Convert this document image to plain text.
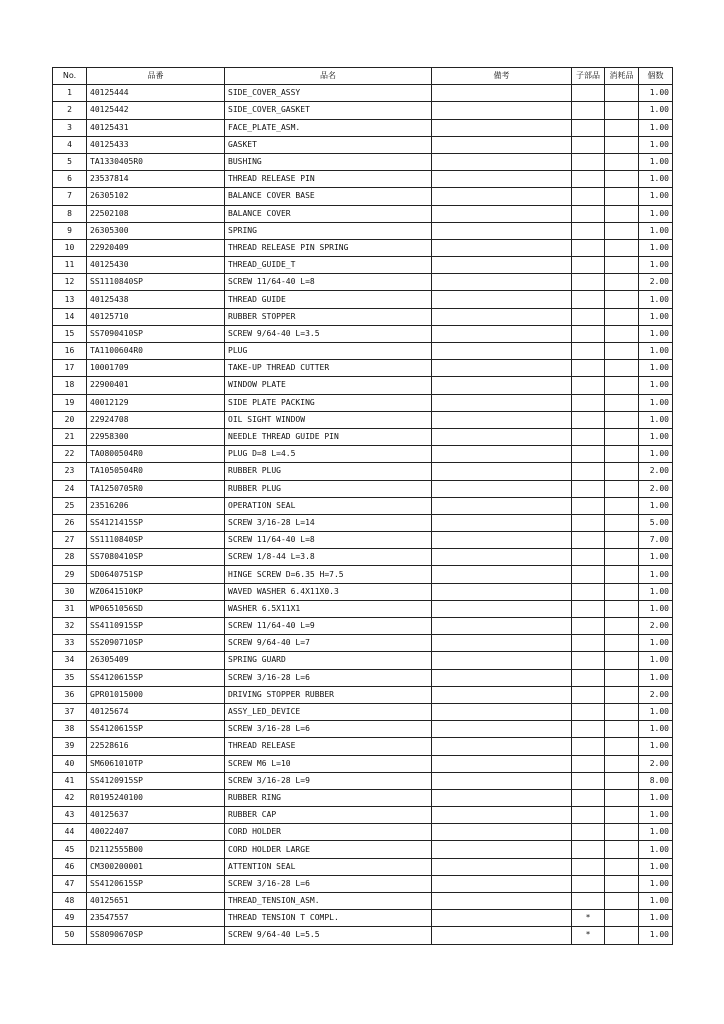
No.	品番	品名	備考	子部品	消耗品	個数
1	40125444	SIDE_COVER_ASSY				1.00
2	40125442	SIDE_COVER_GASKET				1.00
3	40125431	FACE_PLATE_ASM.				1.00
4	40125433	GASKET				1.00
5	TA1330405R0	BUSHING				1.00
6	23537814	THREAD RELEASE PIN				1.00
7	26305102	BALANCE COVER BASE				1.00
8	22502108	BALANCE COVER				1.00
9	26305300	SPRING				1.00
10	22920409	THREAD RELEASE PIN SPRING				1.00
11	40125430	THREAD_GUIDE_T				1.00
12	SS1110840SP	SCREW 11/64-40 L=8				2.00
13	40125438	THREAD GUIDE				1.00
14	40125710	RUBBER STOPPER				1.00
15	SS7090410SP	SCREW 9/64-40 L=3.5				1.00
16	TA1100604R0	PLUG				1.00
17	10001709	TAKE-UP THREAD CUTTER				1.00
18	22900401	WINDOW PLATE				1.00
19	40012129	SIDE PLATE PACKING				1.00
20	22924708	OIL SIGHT WINDOW				1.00
21	22958300	NEEDLE THREAD GUIDE PIN				1.00
22	TA0800504R0	PLUG D=8 L=4.5				1.00
23	TA1050504R0	RUBBER PLUG				2.00
24	TA1250705R0	RUBBER PLUG				2.00
25	23516206	OPERATION SEAL				1.00
26	SS4121415SP	SCREW 3/16-28 L=14				5.00
27	SS1110840SP	SCREW 11/64-40 L=8				7.00
28	SS7080410SP	SCREW 1/8-44 L=3.8				1.00
29	SD0640751SP	HINGE SCREW D=6.35 H=7.5				1.00
30	WZ0641510KP	WAVED WASHER 6.4X11X0.3				1.00
31	WP0651056SD	WASHER 6.5X11X1				1.00
32	SS4110915SP	SCREW 11/64-40 L=9				2.00
33	SS2090710SP	SCREW 9/64-40 L=7				1.00
34	26305409	SPRING GUARD				1.00
35	SS4120615SP	SCREW 3/16-28 L=6				1.00
36	GPR01015000	DRIVING STOPPER RUBBER				2.00
37	40125674	ASSY_LED_DEVICE				1.00
38	SS4120615SP	SCREW 3/16-28 L=6				1.00
39	22528616	THREAD RELEASE				1.00
40	SM6061010TP	SCREW M6 L=10				2.00
41	SS4120915SP	SCREW 3/16-28 L=9				8.00
42	R0195240100	RUBBER RING				1.00
43	40125637	RUBBER CAP				1.00
44	40022407	CORD HOLDER				1.00
45	D2112555B00	CORD HOLDER LARGE				1.00
46	CM300200001	ATTENTION SEAL				1.00
47	SS4120615SP	SCREW 3/16-28 L=6				1.00
48	40125651	THREAD_TENSION_ASM.				1.00
49	23547557	THREAD TENSION T COMPL.		*		1.00
50	SS8090670SP	SCREW 9/64-40 L=5.5		*		1.00
